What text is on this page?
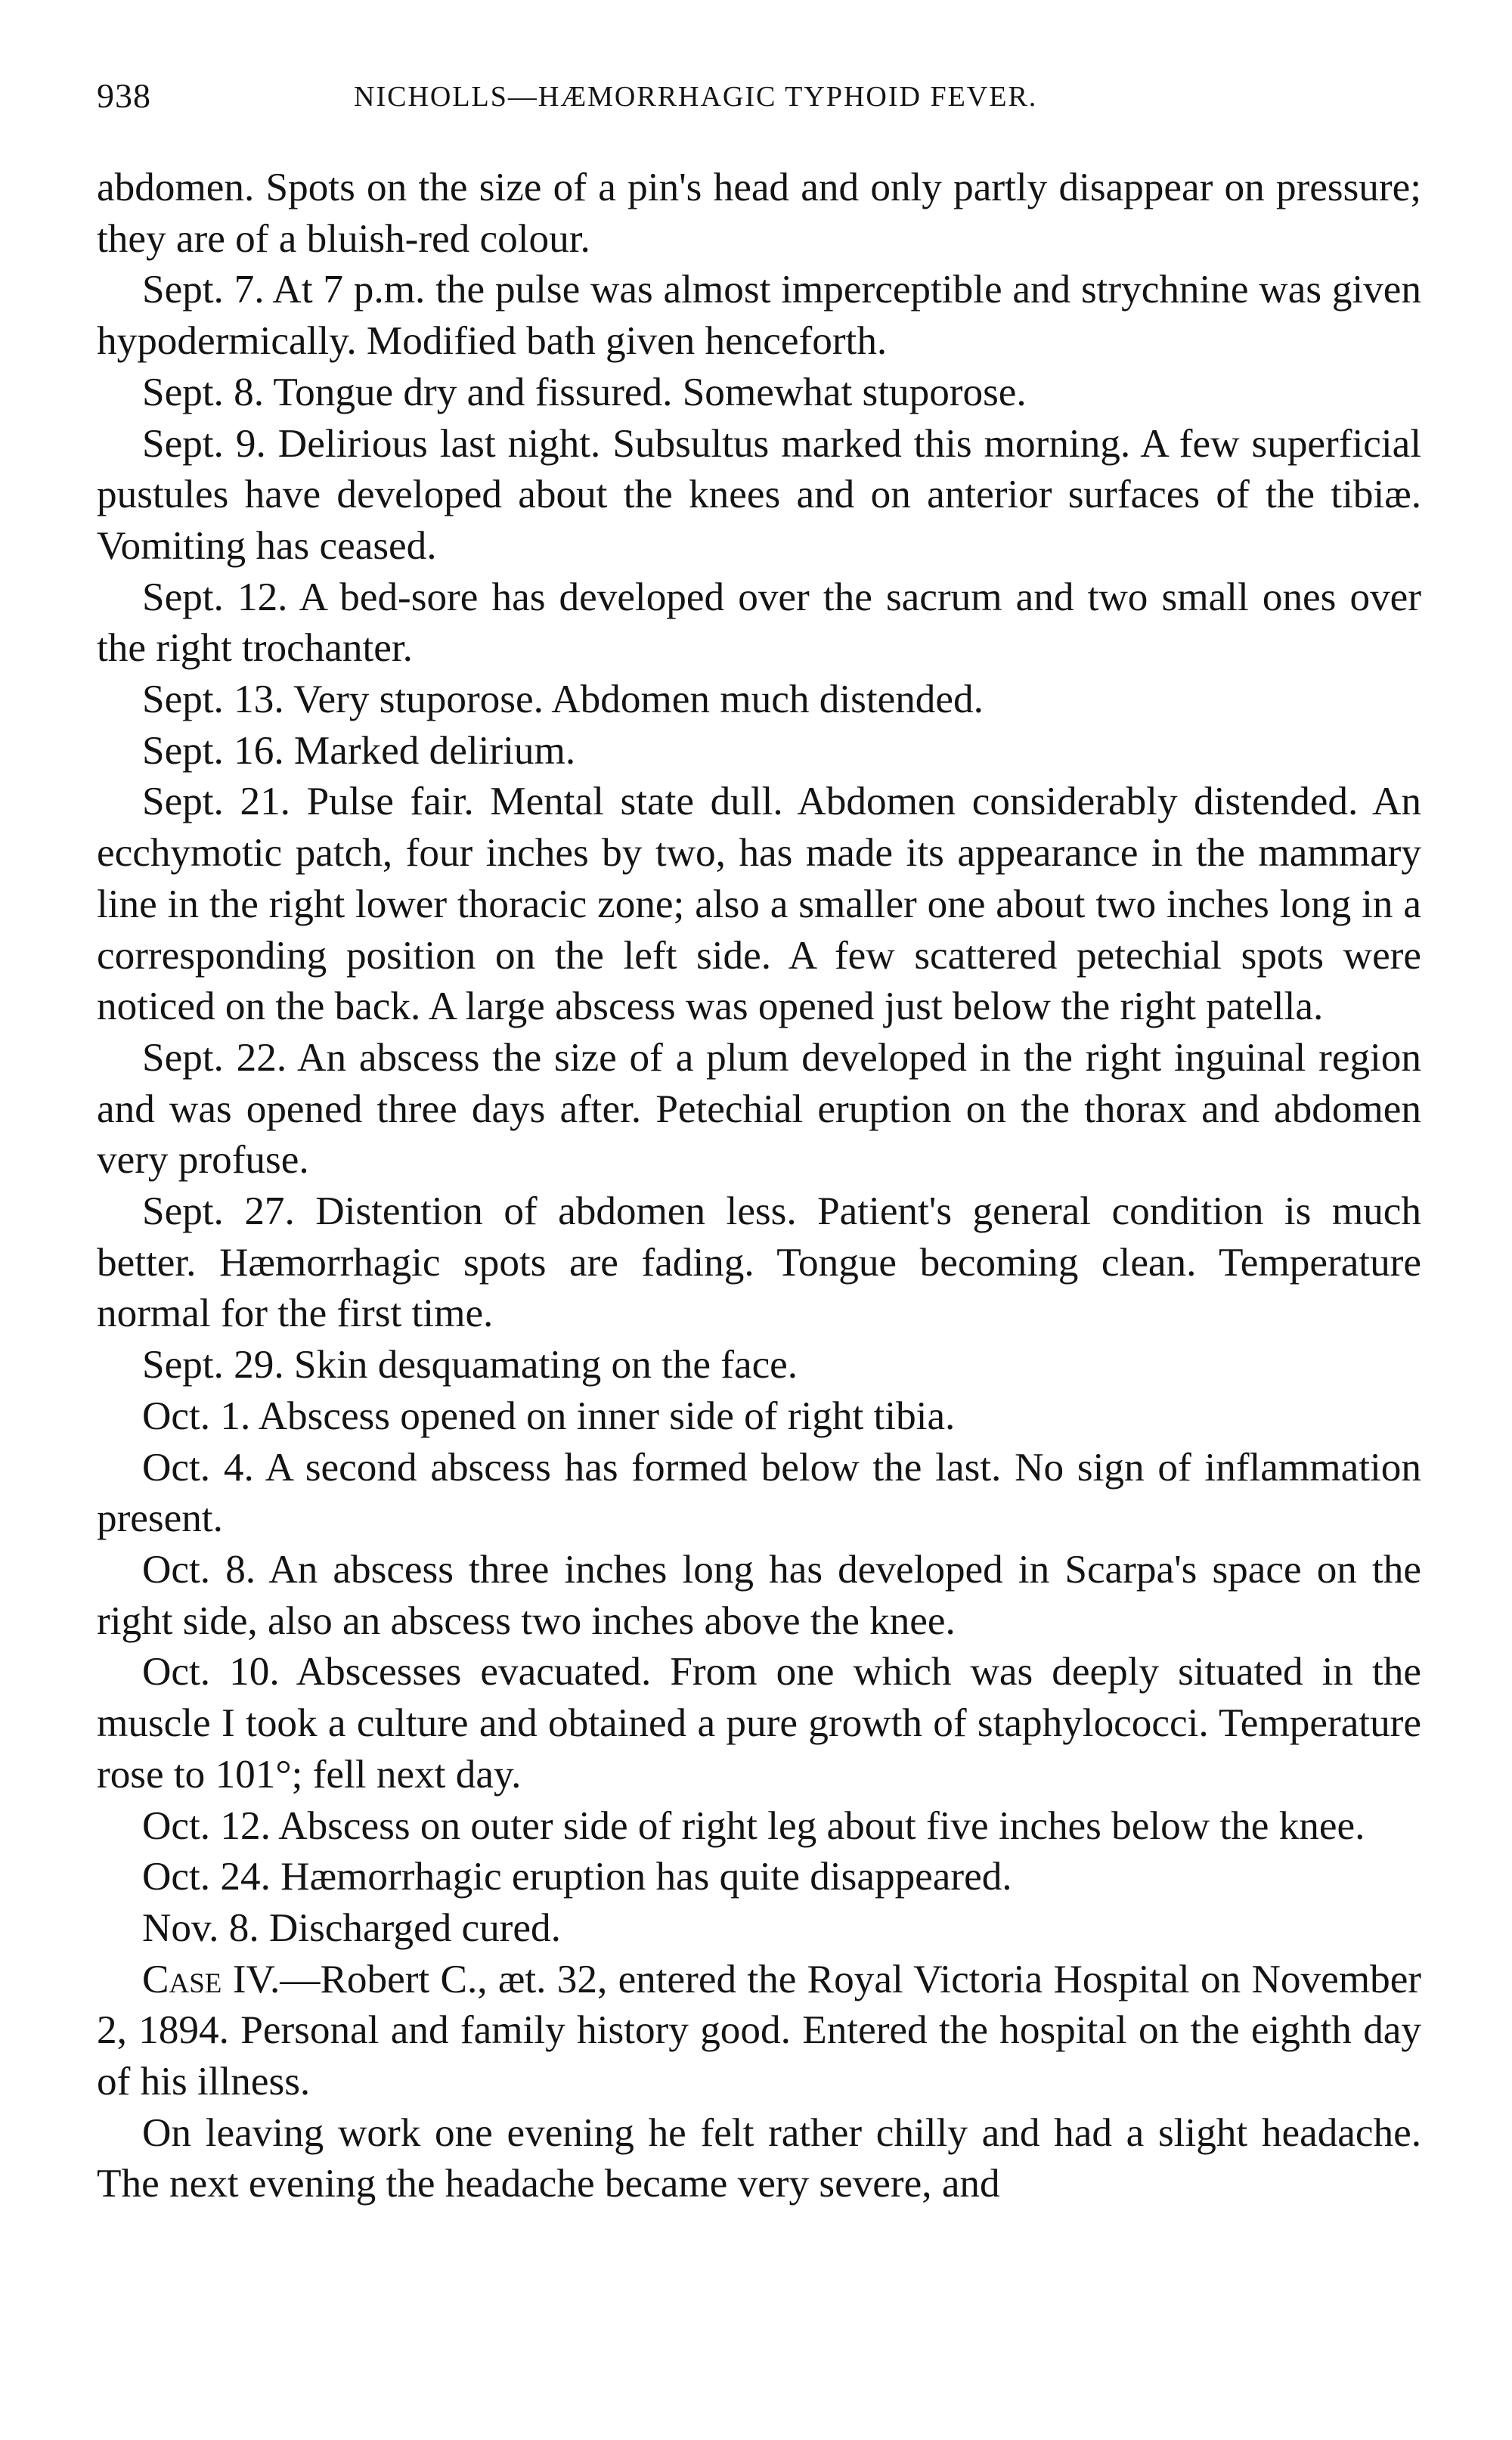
938	NICHOLLS—HÆMORRHAGIC TYPHOID FEVER.

abdomen. Spots on the size of a pin's head and only partly disappear on pressure; they are of a bluish-red colour.

Sept. 7. At 7 p.m. the pulse was almost imperceptible and strychnine was given hypodermically. Modified bath given henceforth.

Sept. 8. Tongue dry and fissured. Somewhat stuporose.

Sept. 9. Delirious last night. Subsultus marked this morning. A few superficial pustules have developed about the knees and on anterior surfaces of the tibiæ. Vomiting has ceased.

Sept. 12. A bed-sore has developed over the sacrum and two small ones over the right trochanter.

Sept. 13. Very stuporose. Abdomen much distended.

Sept. 16. Marked delirium.

Sept. 21. Pulse fair. Mental state dull. Abdomen considerably distended. An ecchymotic patch, four inches by two, has made its appearance in the mammary line in the right lower thoracic zone; also a smaller one about two inches long in a corresponding position on the left side. A few scattered petechial spots were noticed on the back. A large abscess was opened just below the right patella.

Sept. 22. An abscess the size of a plum developed in the right inguinal region and was opened three days after. Petechial eruption on the thorax and abdomen very profuse.

Sept. 27. Distention of abdomen less. Patient's general condition is much better. Hæmorrhagic spots are fading. Tongue becoming clean. Temperature normal for the first time.

Sept. 29. Skin desquamating on the face.

Oct. 1. Abscess opened on inner side of right tibia.

Oct. 4. A second abscess has formed below the last. No sign of inflammation present.

Oct. 8. An abscess three inches long has developed in Scarpa's space on the right side, also an abscess two inches above the knee.

Oct. 10. Abscesses evacuated. From one which was deeply situated in the muscle I took a culture and obtained a pure growth of staphylococci. Temperature rose to 101°; fell next day.

Oct. 12. Abscess on outer side of right leg about five inches below the knee.

Oct. 24. Hæmorrhagic eruption has quite disappeared.

Nov. 8. Discharged cured.

Case IV.—Robert C., æt. 32, entered the Royal Victoria Hospital on November 2, 1894. Personal and family history good. Entered the hospital on the eighth day of his illness.

On leaving work one evening he felt rather chilly and had a slight headache. The next evening the headache became very severe, and
